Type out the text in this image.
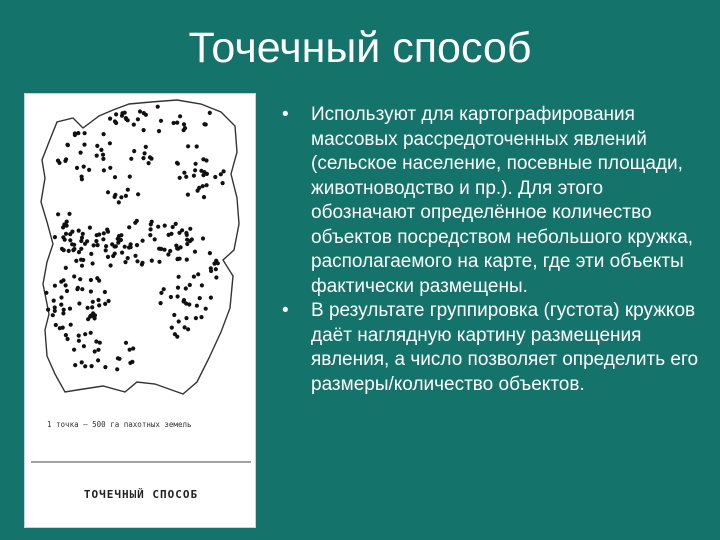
Точечный способ
1 точка — 500 га пахотных земель
ТОЧЕЧНЫЙ СПОСОБ
• Используют для картографирования массовых рассредоточенных явлений (сельское население, посевные площади, животноводство и пр.). Для этого обозначают определённое количество объектов посредством небольшого кружка, располагаемого на карте, где эти объекты фактически размещены.
• В результате группировка (густота) кружков даёт наглядную картину размещения явления, а число позволяет определить его размеры/количество объектов.
